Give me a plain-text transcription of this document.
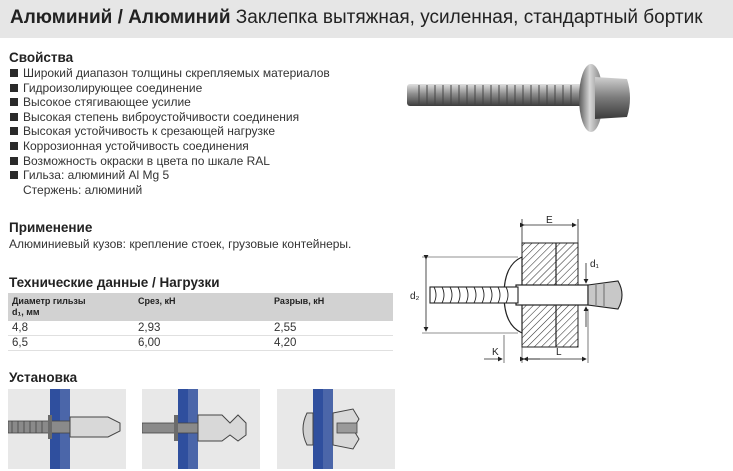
Алюминий / Алюминий Заклепка вытяжная, усиленная, стандартный бортик
Свойства
Широкий диапазон толщины скрепляемых материалов
Гидроизолирующее соединение
Высокое стягивающее усилие
Высокая степень виброустойчивости соединения
Высокая устойчивость к срезающей нагрузке
Коррозионная устойчивость соединения
Возможность окраски в цвета по шкале RAL
Гильза: алюминий Al Mg 5
Стержень: алюминий
Применение
Алюминиевый кузов: крепление стоек, грузовые контейнеры.
Технические данные / Нагрузки
Диаметр гильзы
d₁, мм	Срез, кН	Разрыв, кН
4,8	2,93	2,55
6,5	6,00	4,20
E
d₁
d₂
K	L
Установка
